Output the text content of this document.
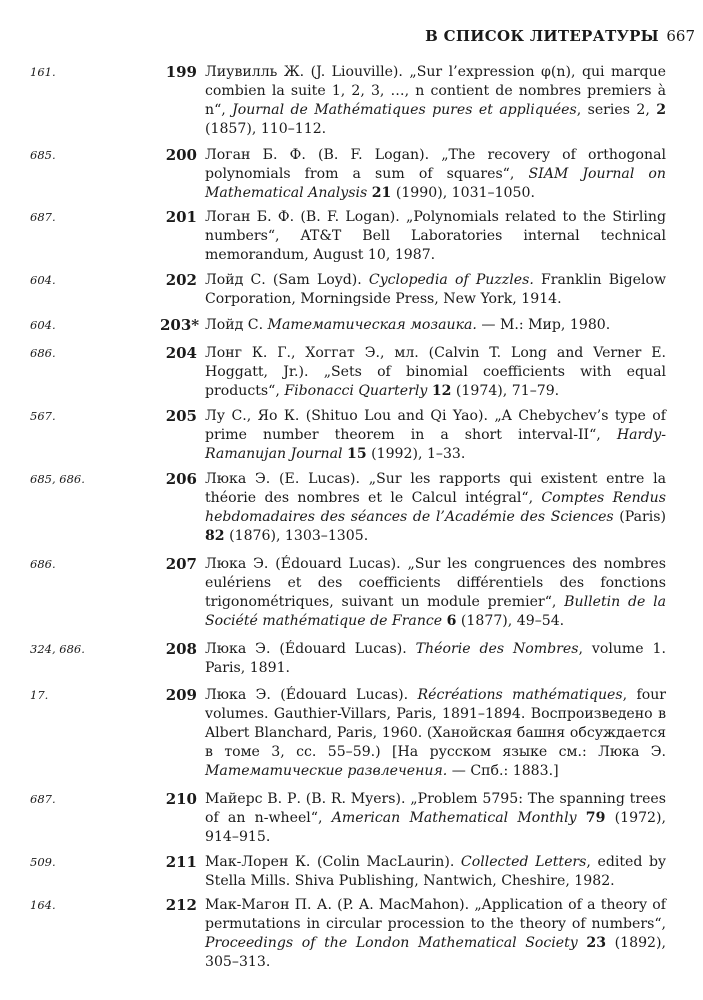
В СПИСОК ЛИТЕРАТУРЫ 667
161.	199 Лиувилль Ж. (J. Liouville). „Sur l’expression φ(n), qui marque combien la suite 1, 2, 3, …, n contient de nombres premiers à n“, Journal de Mathématiques pures et appliquées, series 2, 2 (1857), 110–112.
685.	200 Логан Б. Ф. (B. F. Logan). „The recovery of orthogonal polynomials from a sum of squares“, SIAM Journal on Mathematical Analysis 21 (1990), 1031–1050.
687.	201 Логан Б. Ф. (B. F. Logan). „Polynomials related to the Stirling numbers“, AT&T Bell Laboratories internal technical memorandum, August 10, 1987.
604.	202 Лойд С. (Sam Loyd). Cyclopedia of Puzzles. Franklin Bigelow Corporation, Morningside Press, New York, 1914.
604.	203* Лойд С. Математическая мозаика. — М.: Мир, 1980.
686.	204 Лонг К. Г., Хоггат Э., мл. (Calvin T. Long and Verner E. Hoggatt, Jr.). „Sets of binomial coefficients with equal products“, Fibonacci Quarterly 12 (1974), 71–79.
567.	205 Лу С., Яо К. (Shituo Lou and Qi Yao). „A Chebychev’s type of prime number theorem in a short interval-II“, Hardy-Ramanujan Journal 15 (1992), 1–33.
685, 686.	206 Люка Э. (E. Lucas). „Sur les rapports qui existent entre la théorie des nombres et le Calcul intégral“, Comptes Rendus hebdomadaires des séances de l’Académie des Sciences (Paris) 82 (1876), 1303–1305.
686.	207 Люка Э. (Édouard Lucas). „Sur les congruences des nombres eulériens et des coefficients différentiels des fonctions trigonométriques, suivant un module premier“, Bulletin de la Société mathématique de France 6 (1877), 49–54.
324, 686.	208 Люка Э. (Édouard Lucas). Théorie des Nombres, volume 1. Paris, 1891.
17.	209 Люка Э. (Édouard Lucas). Récréations mathématiques, four volumes. Gauthier-Villars, Paris, 1891–1894. Воспроизведено в Albert Blanchard, Paris, 1960. (Ханойская башня обсуждается в томе 3, сс. 55–59.) [На русском языке см.: Люка Э. Математические развлечения. — Спб.: 1883.]
687.	210 Майерс В. Р. (B. R. Myers). „Problem 5795: The spanning trees of an n-wheel“, American Mathematical Monthly 79 (1972), 914–915.
509.	211 Мак-Лорен К. (Colin MacLaurin). Collected Letters, edited by Stella Mills. Shiva Publishing, Nantwich, Cheshire, 1982.
164.	212 Мак-Магон П. А. (P. A. MacMahon). „Application of a theory of permutations in circular procession to the theory of numbers“, Proceedings of the London Mathematical Society 23 (1892), 305–313.
